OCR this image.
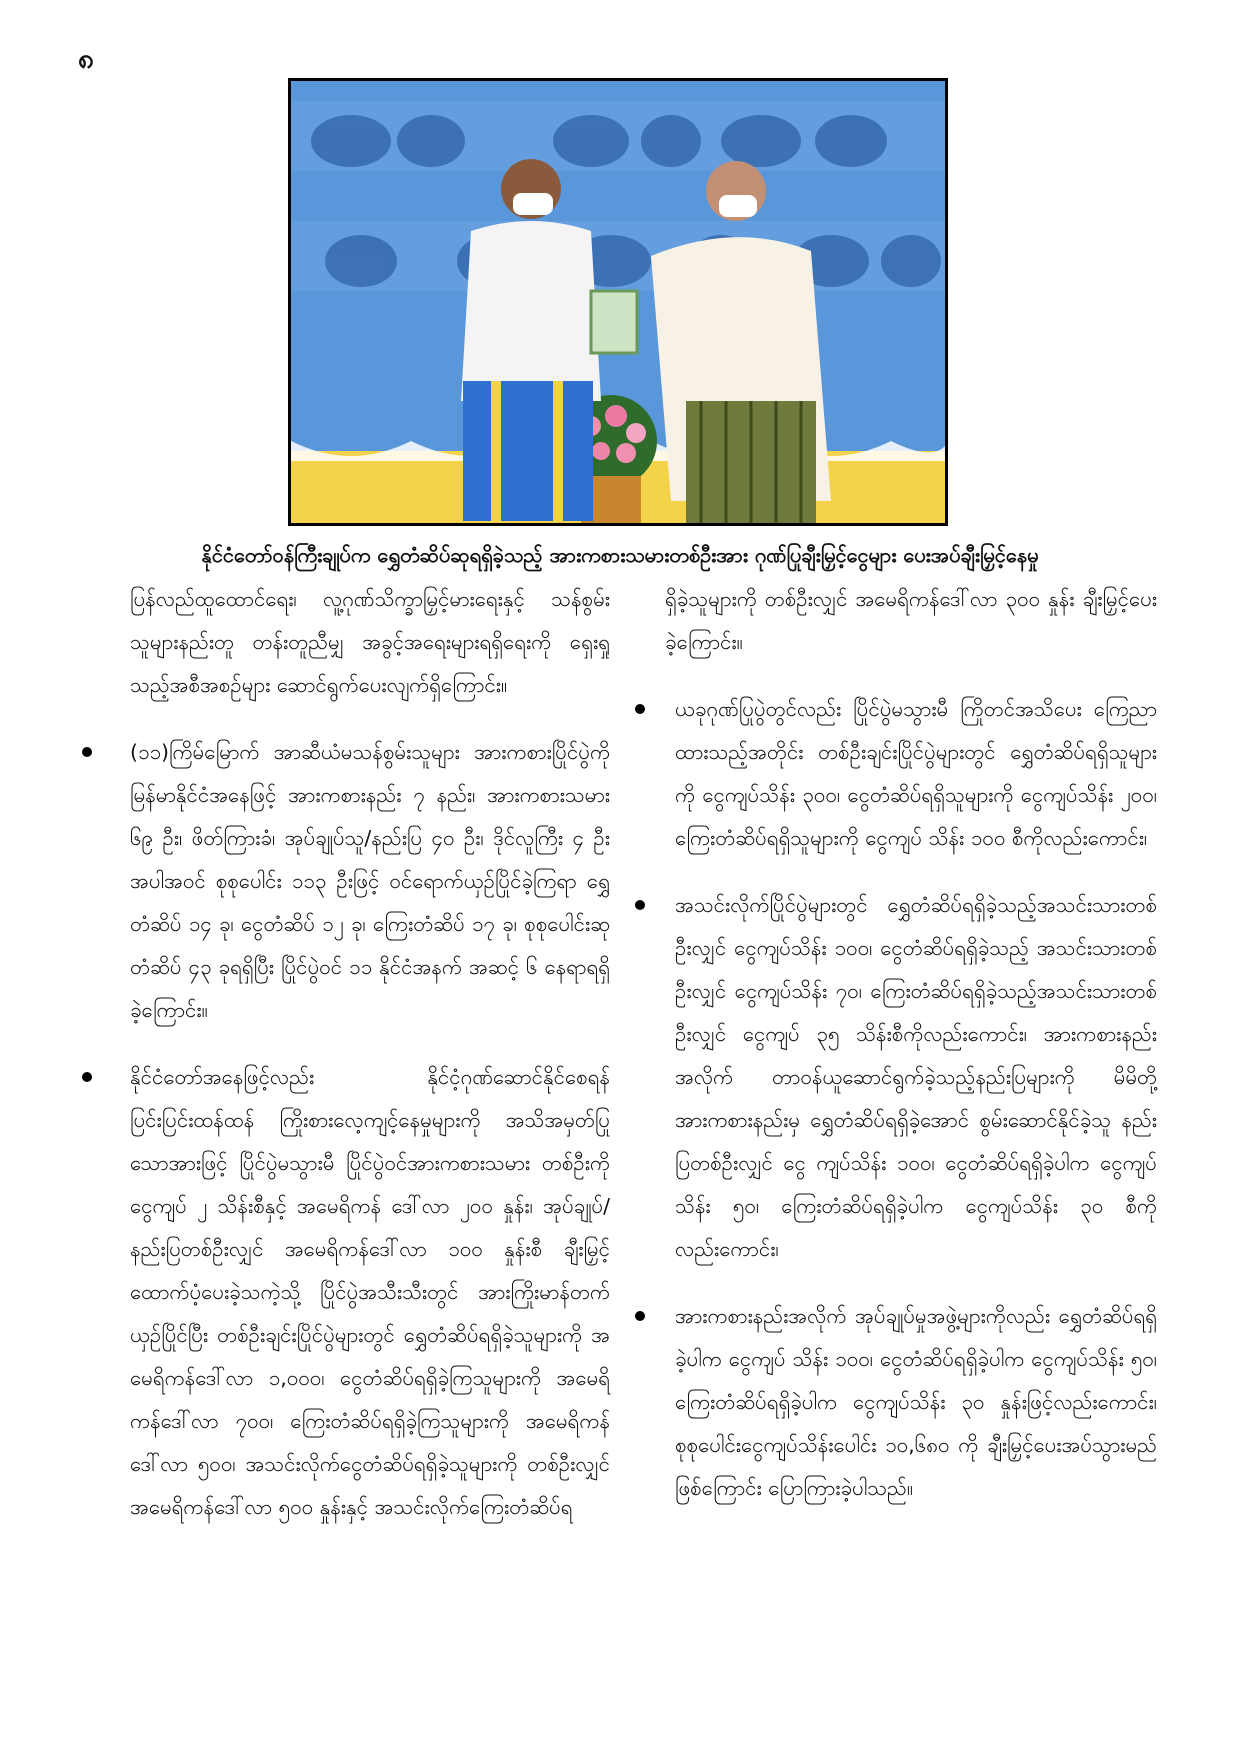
၈
နိုင်ငံတော်ဝန်ကြီးချုပ်က ရွှေတံဆိပ်ဆုရရှိခဲ့သည့် အားကစားသမားတစ်ဦးအား ဂုဏ်ပြုချီးမြှင့်ငွေများ ပေးအပ်ချီးမြှင့်နေမှု

ပြန်လည်ထူထောင်ရေး၊ လူ့ဂုဏ်သိက္ခာမြှင့်မားရေးနှင့် သန်စွမ်းသူများနည်းတူ တန်းတူညီမျှ အခွင့်အရေးများရရှိရေးကို ရှေးရှုသည့်အစီအစဉ်များ ဆောင်ရွက်ပေးလျက်ရှိကြောင်း။

(၁၁)ကြိမ်မြောက် အာဆီယံမသန်စွမ်းသူများ အားကစားပြိုင်ပွဲကို မြန်မာနိုင်ငံအနေဖြင့် အားကစားနည်း ၇ နည်း၊ အားကစားသမား ၆၉ ဦး၊ ဖိတ်ကြားခံ၊ အုပ်ချုပ်သူ/နည်းပြ ၄၀ ဦး၊ ဒိုင်လူကြီး ၄ ဦး အပါအဝင် စုစုပေါင်း ၁၁၃ ဦးဖြင့် ဝင်ရောက်ယှဉ်ပြိုင်ခဲ့ကြရာ ရွှေတံဆိပ် ၁၄ ခု၊ ငွေတံဆိပ် ၁၂ ခု၊ ကြေးတံဆိပ် ၁၇ ခု၊ စုစုပေါင်းဆုတံဆိပ် ၄၃ ခုရရှိပြီး ပြိုင်ပွဲဝင် ၁၁ နိုင်ငံအနက် အဆင့် ၆ နေရာရရှိခဲ့ကြောင်း။

နိုင်ငံတော်အနေဖြင့်လည်း နိုင်ငံ့ဂုဏ်ဆောင်နိုင်စေရန် ပြင်းပြင်းထန်ထန် ကြိုးစားလေ့ကျင့်နေမှုများကို အသိအမှတ်ပြုသောအားဖြင့် ပြိုင်ပွဲမသွားမီ ပြိုင်ပွဲဝင်အားကစားသမား တစ်ဦးကို ငွေကျပ် ၂ သိန်းစီနှင့် အမေရိကန် ဒေါ်လာ ၂၀၀ နှုန်း၊ အုပ်ချုပ်/နည်းပြတစ်ဦးလျှင် အမေရိကန်ဒေါ်လာ ၁၀၀ နှုန်းစီ ချီးမြှင့်ထောက်ပံ့ပေးခဲ့သကဲ့သို့ ပြိုင်ပွဲအသီးသီးတွင် အားကြိုးမာန်တက်ယှဉ်ပြိုင်ပြီး တစ်ဦးချင်းပြိုင်ပွဲများတွင် ရွှေတံဆိပ်ရရှိခဲ့သူများကို အမေရိကန်ဒေါ်လာ ၁,၀၀၀၊ ငွေတံဆိပ်ရရှိခဲ့ကြသူများကို အမေရိကန်ဒေါ်လာ ၇၀၀၊ ကြေးတံဆိပ်ရရှိခဲ့ကြသူများကို အမေရိကန်ဒေါ်လာ ၅၀၀၊ အသင်းလိုက်ငွေတံဆိပ်ရရှိခဲ့သူများကို တစ်ဦးလျှင် အမေရိကန်ဒေါ်လာ ၅၀၀ နှုန်းနှင့် အသင်းလိုက်ကြေးတံဆိပ်ရ

ရှိခဲ့သူများကို တစ်ဦးလျှင် အမေရိကန်ဒေါ်လာ ၃၀၀ နှုန်း ချီးမြှင့်ပေးခဲ့ကြောင်း။

ယခုဂုဏ်ပြုပွဲတွင်လည်း ပြိုင်ပွဲမသွားမီ ကြိုတင်အသိပေး ကြေညာထားသည့်အတိုင်း တစ်ဦးချင်းပြိုင်ပွဲများတွင် ရွှေတံဆိပ်ရရှိသူများကို ငွေကျပ်သိန်း ၃၀၀၊ ငွေတံဆိပ်ရရှိသူများကို ငွေကျပ်သိန်း ၂၀၀၊ ကြေးတံဆိပ်ရရှိသူများကို ငွေကျပ် သိန်း ၁၀၀ စီကိုလည်းကောင်း၊

အသင်းလိုက်ပြိုင်ပွဲများတွင် ရွှေတံဆိပ်ရရှိခဲ့သည့်အသင်းသားတစ်ဦးလျှင် ငွေကျပ်သိန်း ၁၀၀၊ ငွေတံဆိပ်ရရှိခဲ့သည့် အသင်းသားတစ်ဦးလျှင် ငွေကျပ်သိန်း ၇၀၊ ကြေးတံဆိပ်ရရှိခဲ့သည့်အသင်းသားတစ်ဦးလျှင် ငွေကျပ် ၃၅ သိန်းစီကိုလည်းကောင်း၊ အားကစားနည်းအလိုက် တာဝန်ယူဆောင်ရွက်ခဲ့သည့်နည်းပြများကို မိမိတို့အားကစားနည်းမှ ရွှေတံဆိပ်ရရှိခဲ့အောင် စွမ်းဆောင်နိုင်ခဲ့သူ နည်းပြတစ်ဦးလျှင် ငွေ ကျပ်သိန်း ၁၀၀၊ ငွေတံဆိပ်ရရှိခဲ့ပါက ငွေကျပ်သိန်း ၅၀၊ ကြေးတံဆိပ်ရရှိခဲ့ပါက ငွေကျပ်သိန်း ၃၀ စီကိုလည်းကောင်း၊

အားကစားနည်းအလိုက် အုပ်ချုပ်မှုအဖွဲ့များကိုလည်း ရွှေတံဆိပ်ရရှိခဲ့ပါက ငွေကျပ် သိန်း ၁၀၀၊ ငွေတံဆိပ်ရရှိခဲ့ပါက ငွေကျပ်သိန်း ၅၀၊ ကြေးတံဆိပ်ရရှိခဲ့ပါက ငွေကျပ်သိန်း ၃၀ နှုန်းဖြင့်လည်းကောင်း၊ စုစုပေါင်းငွေကျပ်သိန်းပေါင်း ၁၀,၆၈၀ ကို ချီးမြှင့်ပေးအပ်သွားမည်ဖြစ်ကြောင်း ပြောကြားခဲ့ပါသည်။
